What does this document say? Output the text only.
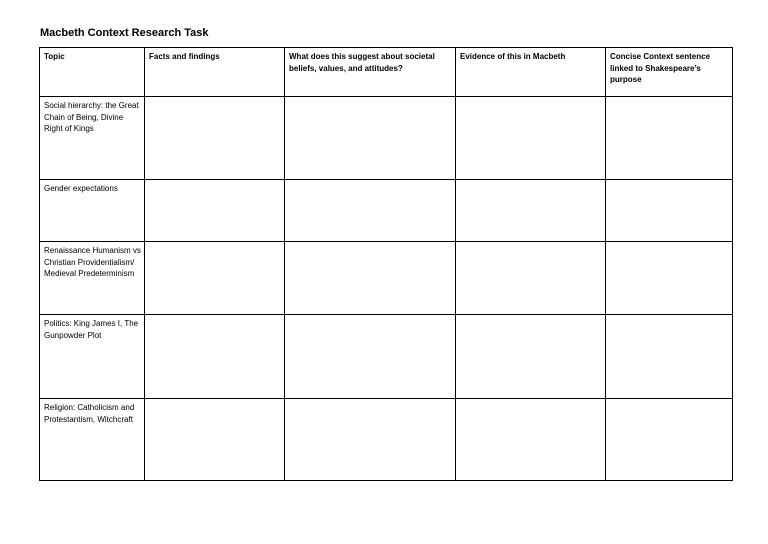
Macbeth Context Research Task
Topic	Facts and findings	What does this suggest about societal beliefs, values, and attitudes?	Evidence of this in Macbeth	Concise Context sentence linked to Shakespeare’s purpose
Social hierarchy: the Great Chain of Being, Divine Right of Kings				
Gender expectations				
Renaissance Humanism vs Christian Providentialism/ Medieval Predeterminism				
Politics: King James I, The Gunpowder Plot				
Religion: Catholicism and Protestantism, Witchcraft				
